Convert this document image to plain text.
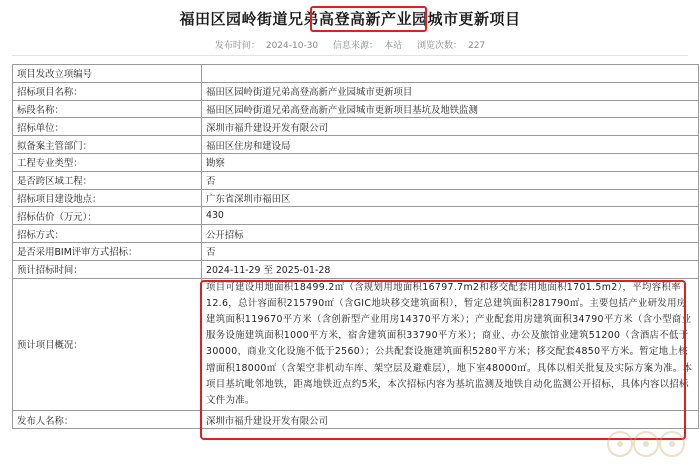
福田区园岭街道兄弟高登高新产业园城市更新项目
发布时间： 2024-10-30 信息来源： 本站 浏览次数： 227
项目发改立项编号	
招标项目名称：	福田区园岭街道兄弟高登高新产业园城市更新项目
标段名称：	福田区园岭街道兄弟高登高新产业园城市更新项目基坑及地铁监测
招标单位：	深圳市福升建设开发有限公司
拟备案主管部门：	福田区住房和建设局
工程专业类型：	勘察
是否跨区域工程：	否
招标项目建设地点：	广东省深圳市福田区
招标估价（万元）：	430
招标方式：	公开招标
是否采用BIM评审方式招标：	否
预计招标时间：	2024-11-29 至 2025-01-28
预计项目概况：	项目可建设用地面积18499.2㎡（含规划用地面积16797.7m2和移交配套用地面积1701.5m2），平均容积率12.6，总计容面积215790㎡（含GIC地块移交建筑面积），暂定总建筑面积281790㎡。主要包括产业研发用房建筑面积119670平方米（含创新型产业用房14370平方米）；产业配套用房建筑面积34790平方米（含小型商业服务设施建筑面积1000平方米，宿舍建筑面积33790平方米）；商业、办公及旅馆业建筑51200（含酒店不低于30000，商业文化设施不低于2560）；公共配套设施建筑面积5280平方米；移交配套4850平方米。暂定地上核增面积18000㎡（含架空非机动车库、架空层及避难层），地下室48000㎡。具体以相关批复及实际方案为准。本项目基坑毗邻地铁，距离地铁近点约5米，本次招标内容为基坑监测及地铁自动化监测公开招标，具体内容以招标文件为准。
发布人名称：	深圳市福升建设开发有限公司
